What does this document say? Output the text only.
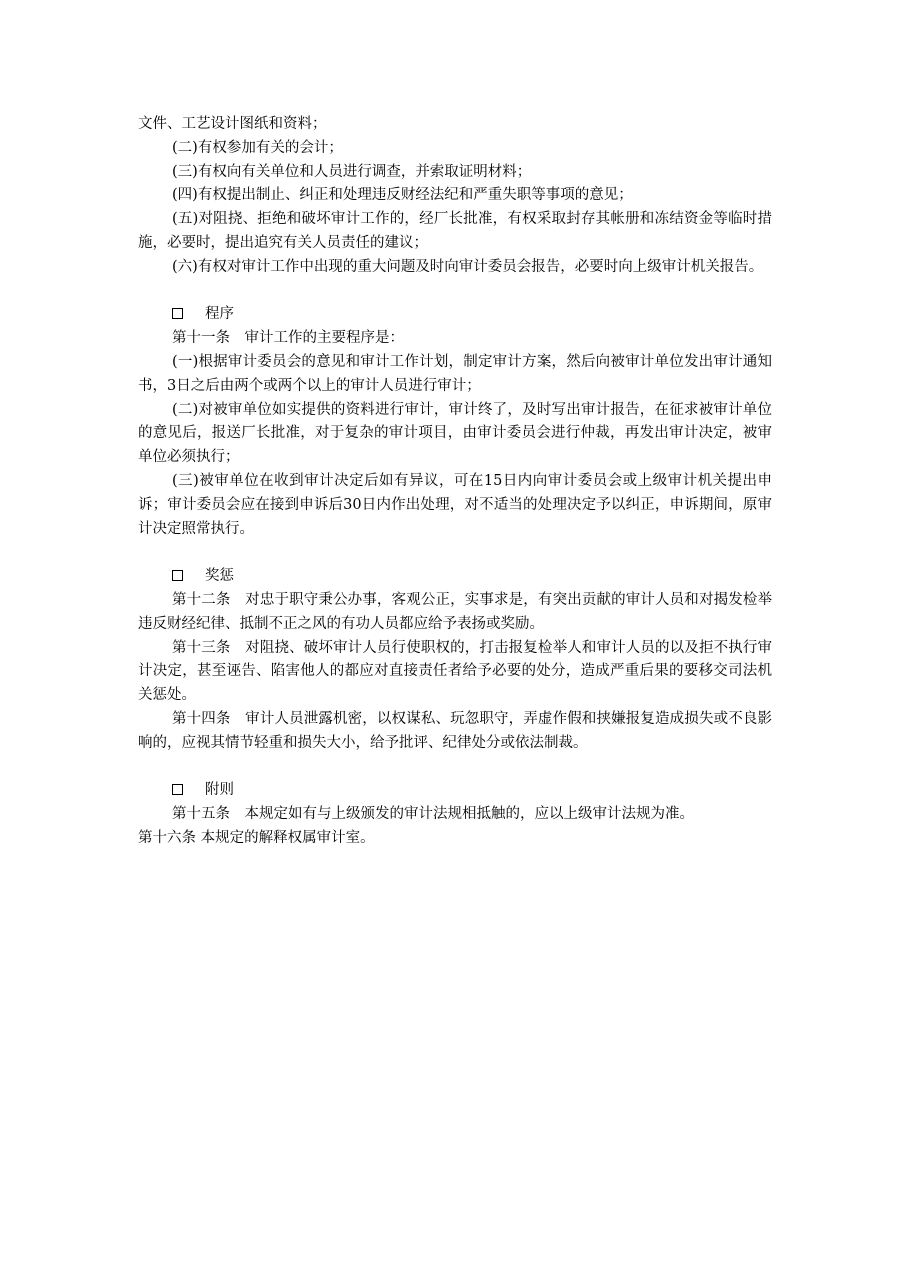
文件、工艺设计图纸和资料；

(二)有权参加有关的会计；

(三)有权向有关单位和人员进行调查，并索取证明材料；

(四)有权提出制止、纠正和处理违反财经法纪和严重失职等事项的意见；

(五)对阻挠、拒绝和破坏审计工作的，经厂长批准，有权采取封存其帐册和冻结资金等临时措施，必要时，提出追究有关人员责任的建议；

(六)有权对审计工作中出现的重大问题及时向审计委员会报告，必要时向上级审计机关报告。

程序

第十一条　审计工作的主要程序是：

(一)根据审计委员会的意见和审计工作计划，制定审计方案，然后向被审计单位发出审计通知书，3日之后由两个或两个以上的审计人员进行审计；

(二)对被审单位如实提供的资料进行审计，审计终了，及时写出审计报告，在征求被审计单位的意见后，报送厂长批准，对于复杂的审计项目，由审计委员会进行仲裁，再发出审计决定，被审单位必须执行；

(三)被审单位在收到审计决定后如有异议，可在15日内向审计委员会或上级审计机关提出申诉；审计委员会应在接到申诉后30日内作出处理，对不适当的处理决定予以纠正，申诉期间，原审计决定照常执行。

奖惩

第十二条　对忠于职守秉公办事，客观公正，实事求是，有突出贡献的审计人员和对揭发检举违反财经纪律、抵制不正之风的有功人员都应给予表扬或奖励。

第十三条　对阻挠、破坏审计人员行使职权的，打击报复检举人和审计人员的以及拒不执行审计决定，甚至诬告、陷害他人的都应对直接责任者给予必要的处分，造成严重后果的要移交司法机关惩处。

第十四条　审计人员泄露机密，以权谋私、玩忽职守，弄虚作假和挟嫌报复造成损失或不良影响的，应视其情节轻重和损失大小，给予批评、纪律处分或依法制裁。

附则

第十五条　本规定如有与上级颁发的审计法规相抵触的，应以上级审计法规为准。

第十六条 本规定的解释权属审计室。
